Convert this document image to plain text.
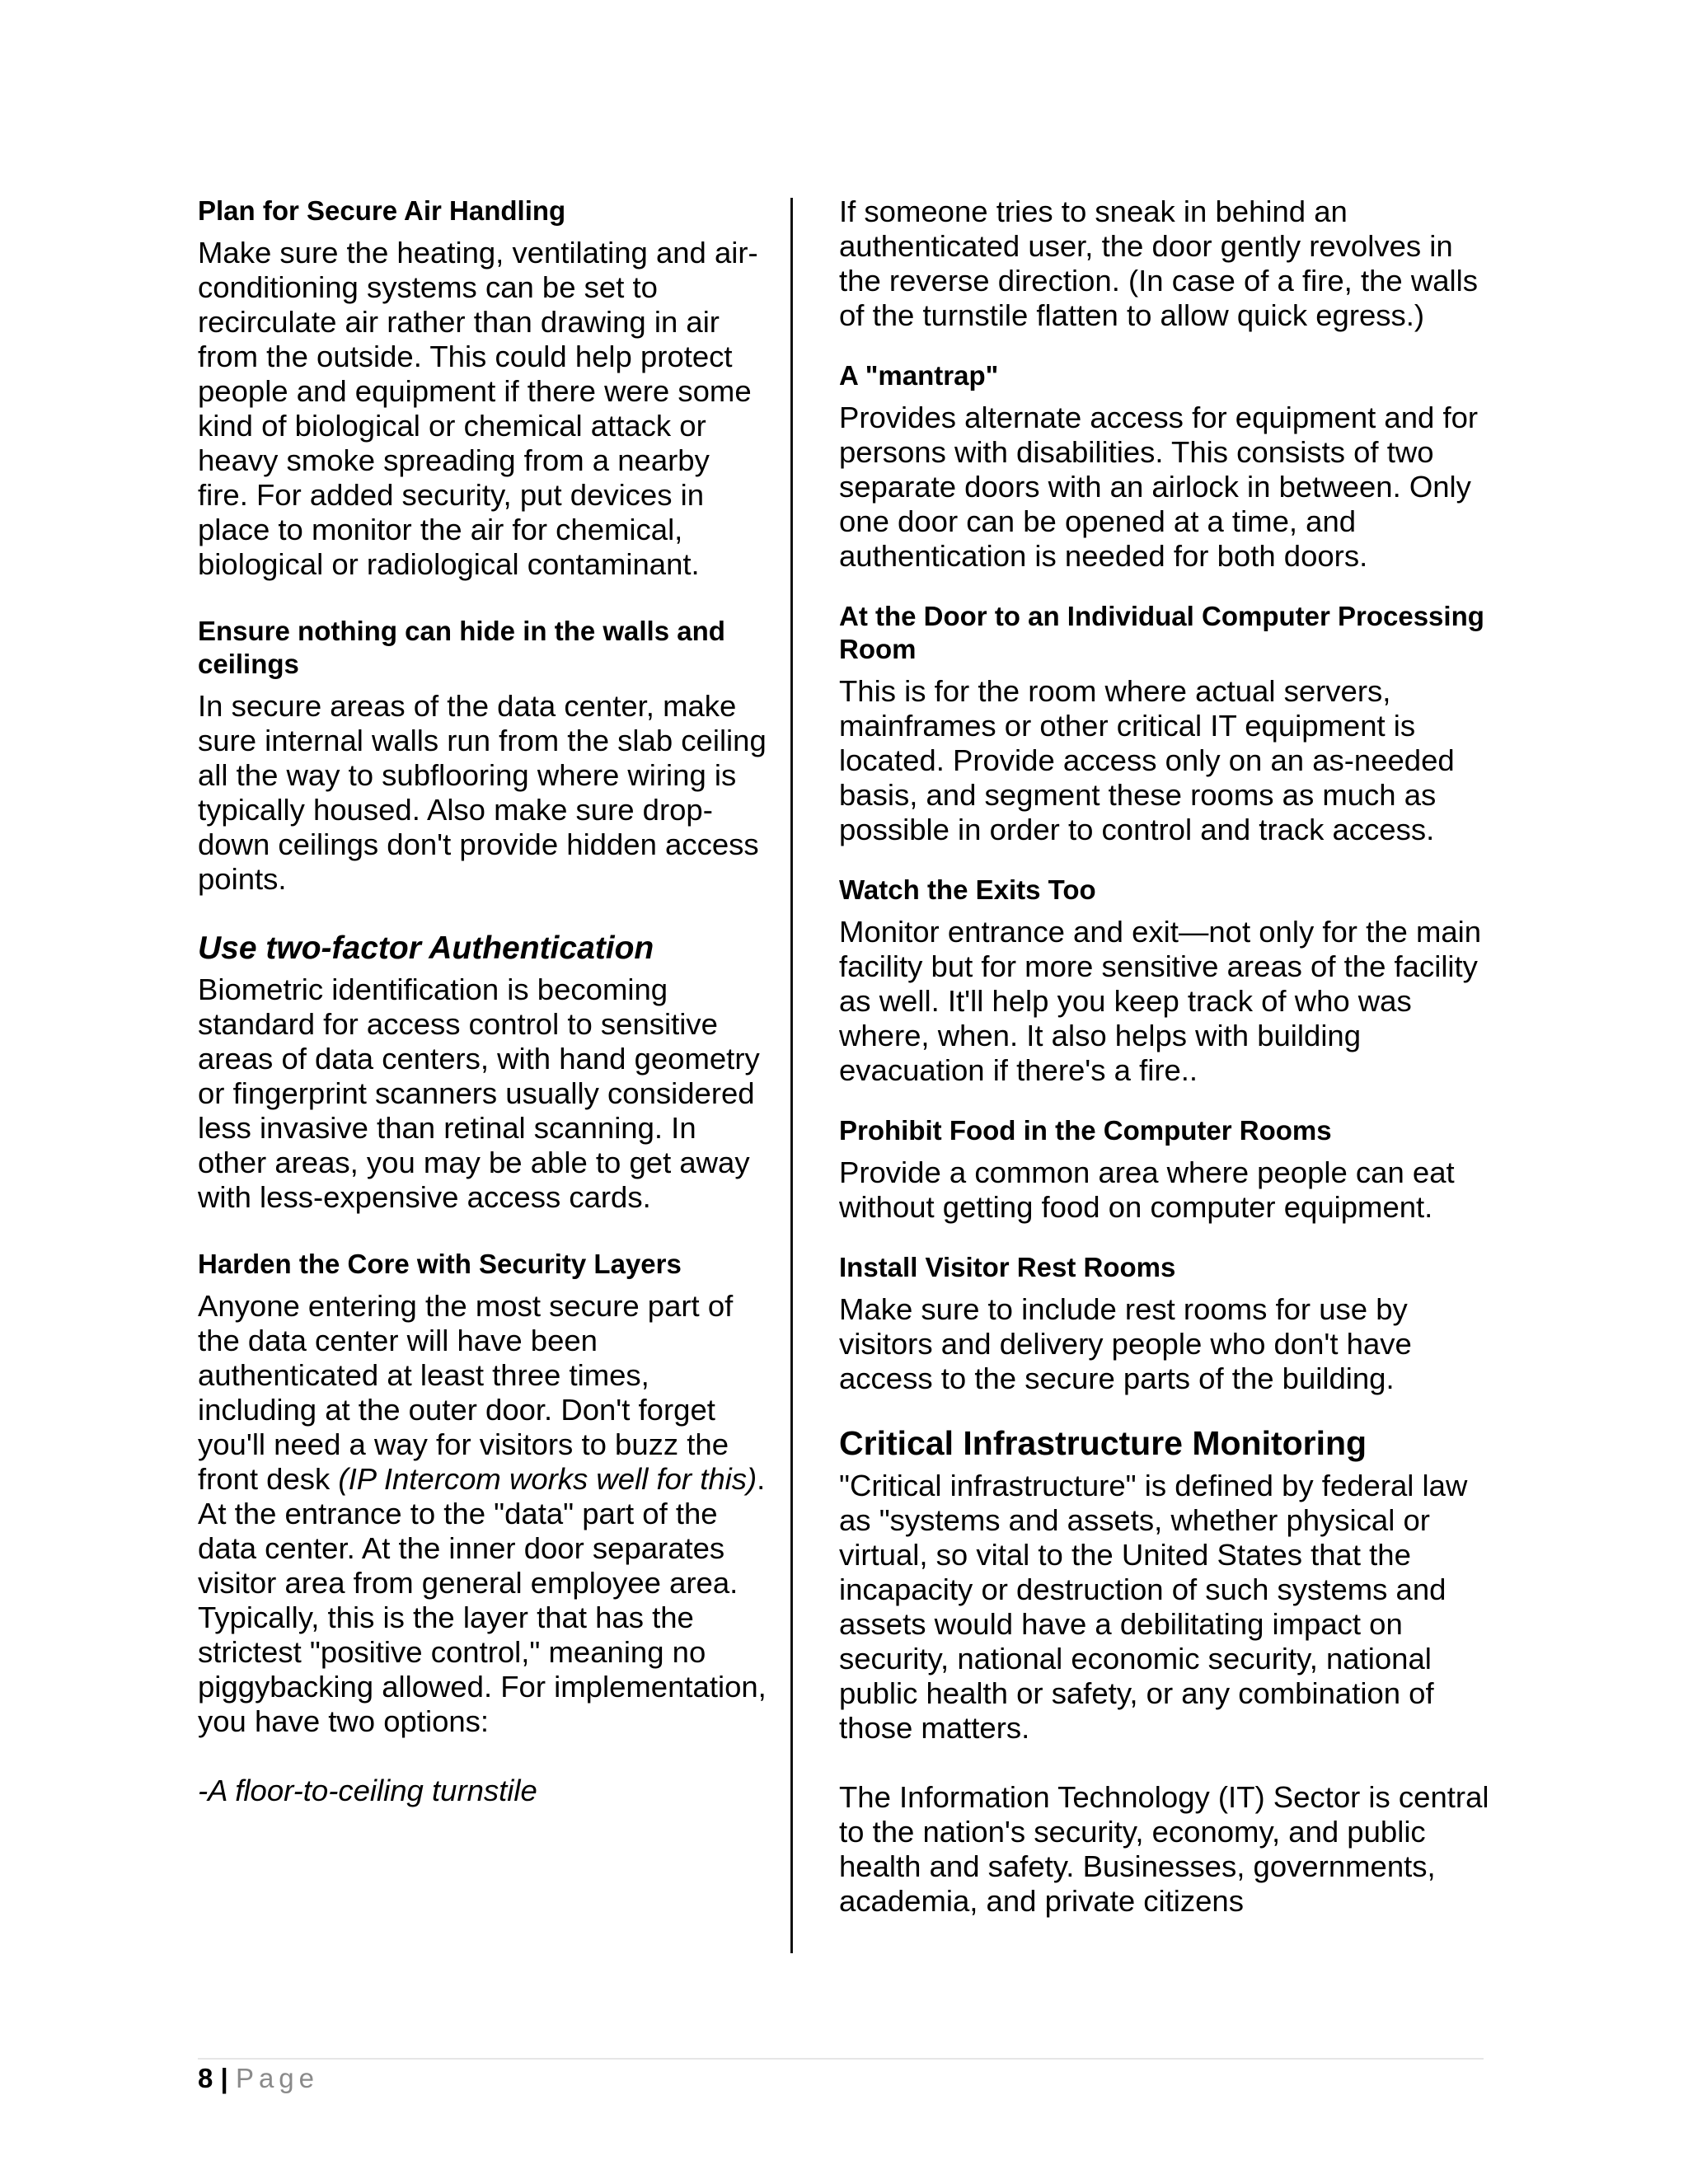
Plan for Secure Air Handling

Make sure the heating, ventilating and air-conditioning systems can be set to recirculate air rather than drawing in air from the outside. This could help protect people and equipment if there were some kind of biological or chemical attack or heavy smoke spreading from a nearby fire. For added security, put devices in place to monitor the air for chemical, biological or radiological contaminant.

Ensure nothing can hide in the walls and ceilings

In secure areas of the data center, make sure internal walls run from the slab ceiling all the way to subflooring where wiring is typically housed. Also make sure drop-down ceilings don't provide hidden access points.

Use two-factor Authentication

Biometric identification is becoming standard for access control to sensitive areas of data centers, with hand geometry or fingerprint scanners usually considered less invasive than retinal scanning. In other areas, you may be able to get away with less-expensive access cards.

Harden the Core with Security Layers

Anyone entering the most secure part of the data center will have been authenticated at least three times, including at the outer door. Don't forget you'll need a way for visitors to buzz the front desk (IP Intercom works well for this). At the entrance to the "data" part of the data center. At the inner door separates visitor area from general employee area. Typically, this is the layer that has the strictest "positive control," meaning no piggybacking allowed. For implementation, you have two options:

-A floor-to-ceiling turnstile

If someone tries to sneak in behind an authenticated user, the door gently revolves in the reverse direction. (In case of a fire, the walls of the turnstile flatten to allow quick egress.)

A "mantrap"

Provides alternate access for equipment and for persons with disabilities. This consists of two separate doors with an airlock in between. Only one door can be opened at a time, and authentication is needed for both doors.

At the Door to an Individual Computer Processing Room

This is for the room where actual servers, mainframes or other critical IT equipment is located. Provide access only on an as-needed basis, and segment these rooms as much as possible in order to control and track access.

Watch the Exits Too

Monitor entrance and exit—not only for the main facility but for more sensitive areas of the facility as well. It'll help you keep track of who was where, when. It also helps with building evacuation if there's a fire..

Prohibit Food in the Computer Rooms

Provide a common area where people can eat without getting food on computer equipment.

Install Visitor Rest Rooms

Make sure to include rest rooms for use by visitors and delivery people who don't have access to the secure parts of the building.

Critical Infrastructure Monitoring

"Critical infrastructure" is defined by federal law as "systems and assets, whether physical or virtual, so vital to the United States that the incapacity or destruction of such systems and assets would have a debilitating impact on security, national economic security, national public health or safety, or any combination of those matters.

The Information Technology (IT) Sector is central to the nation's security, economy, and public health and safety. Businesses, governments, academia, and private citizens

8 | Page
